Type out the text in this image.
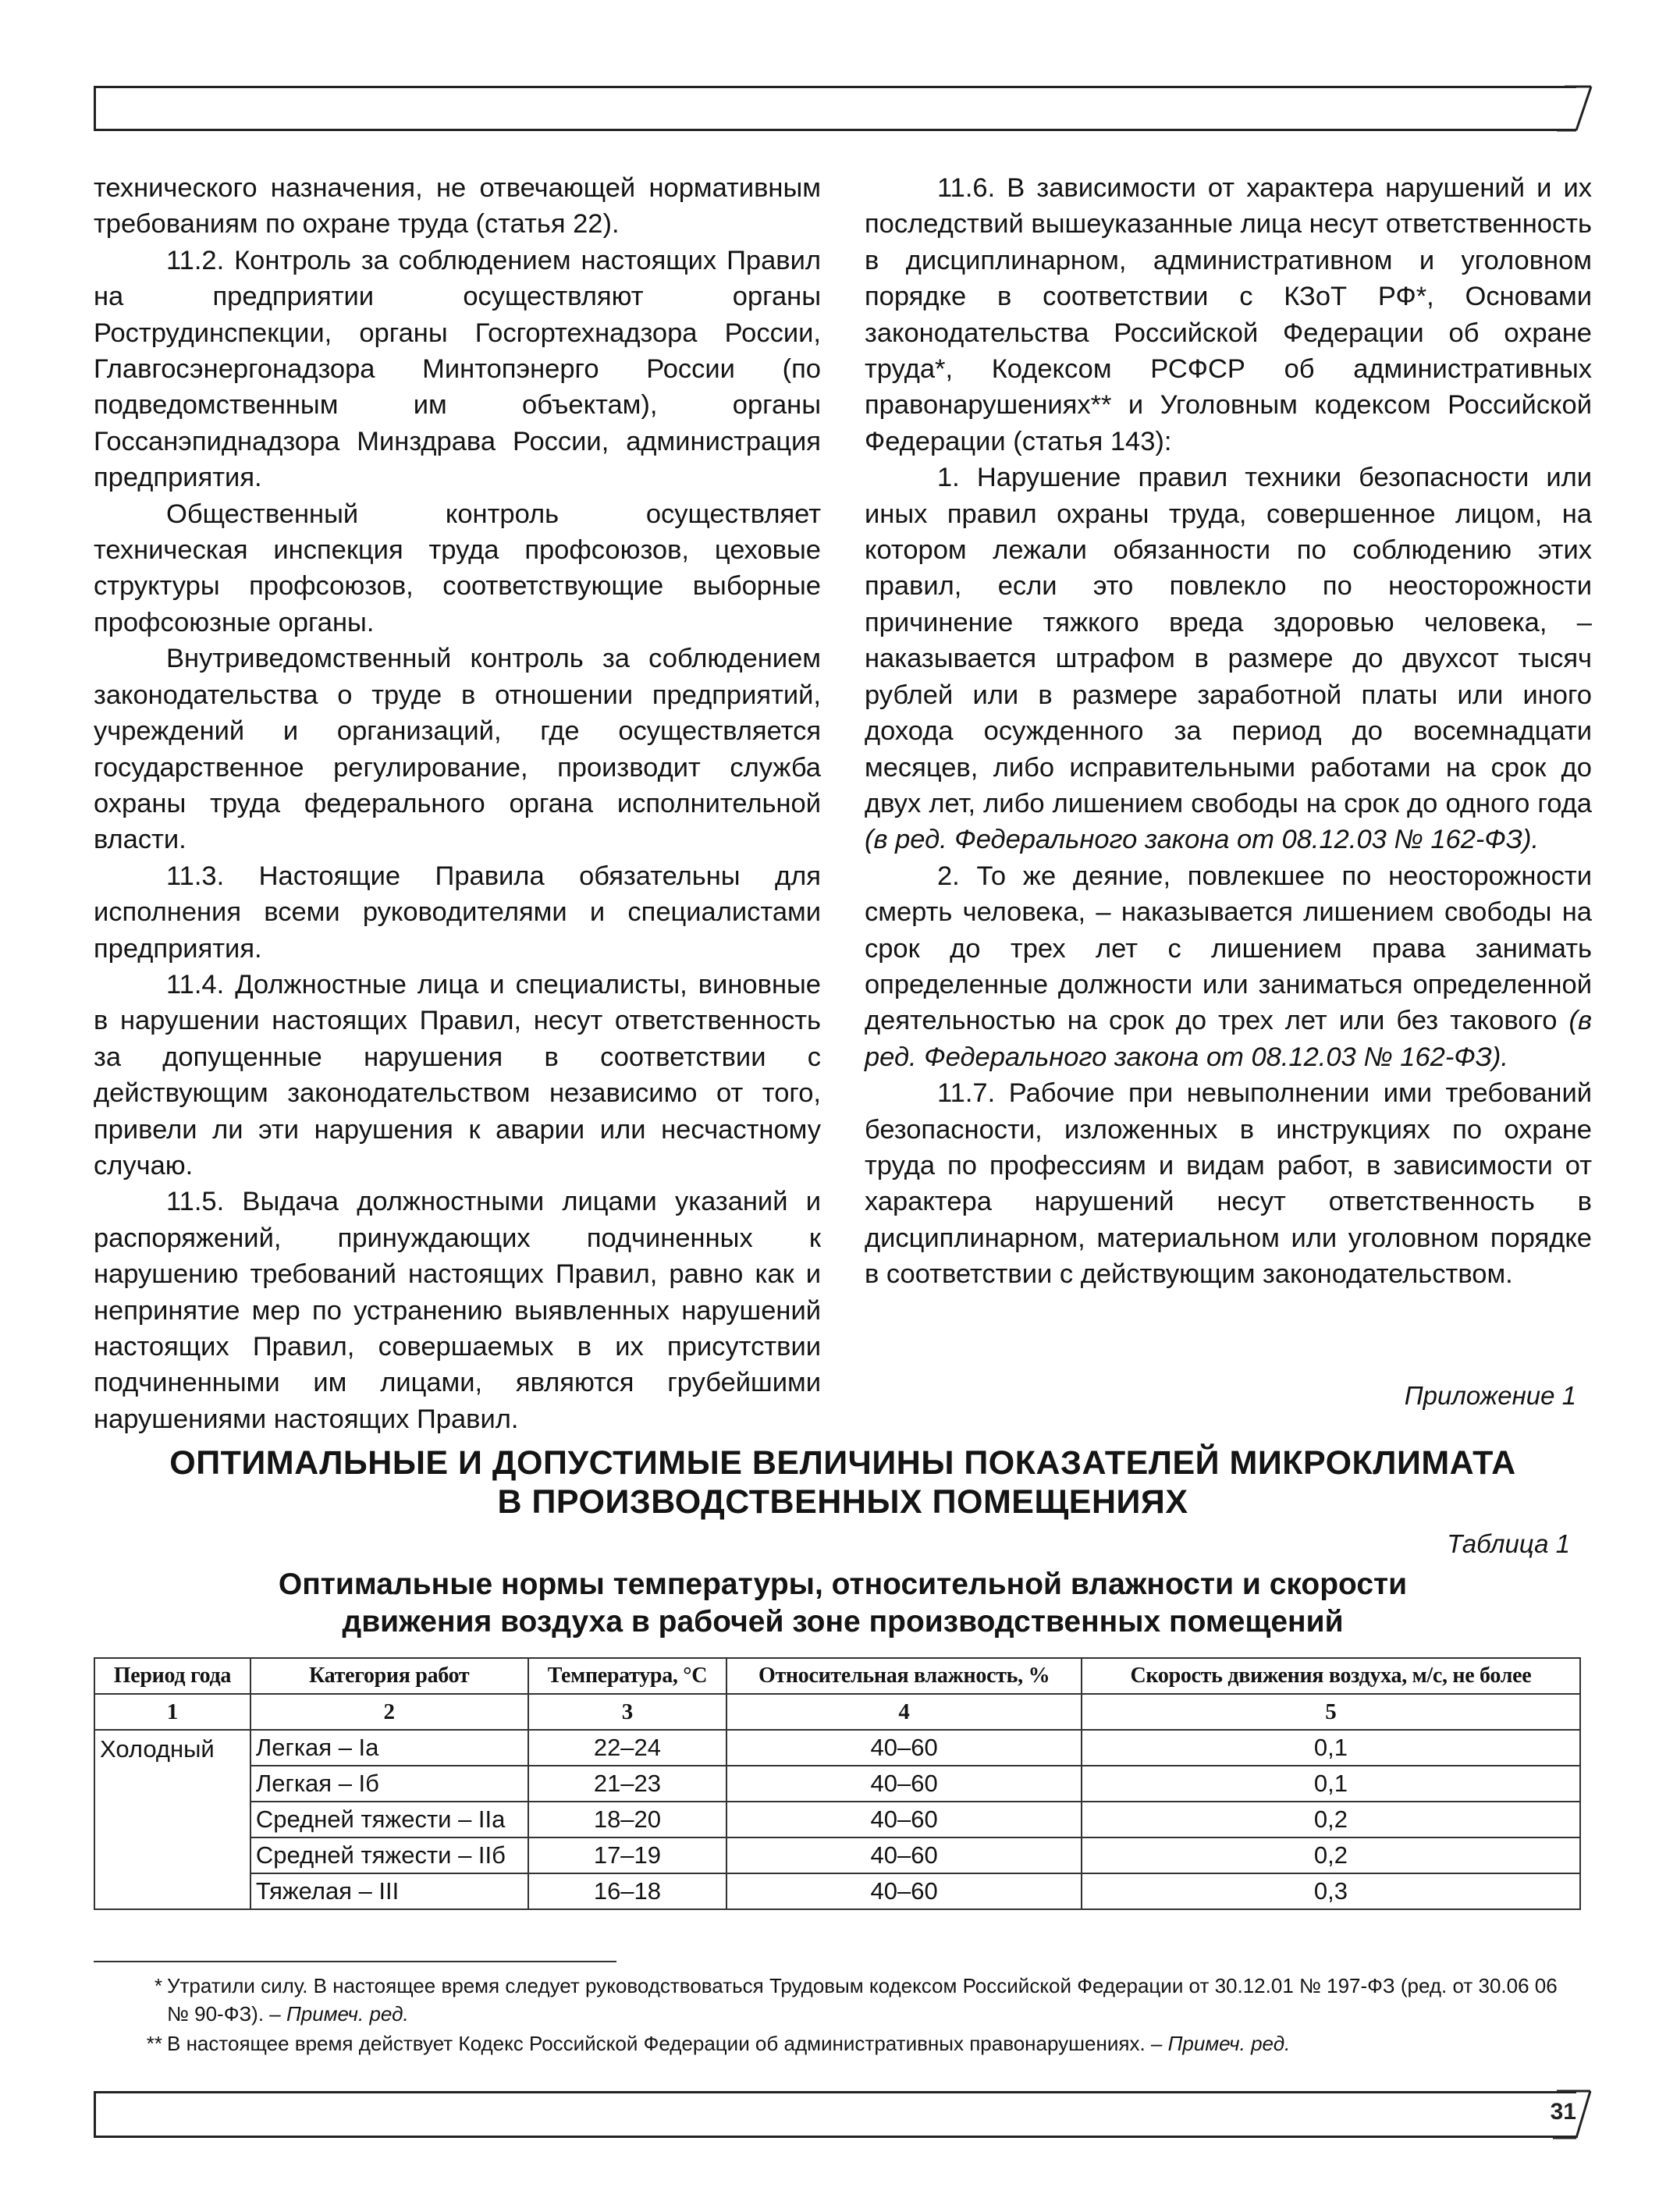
технического назначения, не отвечающей нормативным требованиям по охране труда (статья 22).

11.2. Контроль за соблюдением настоящих Правил на предприятии осуществляют органы Рострудинспекции, органы Госгортехнадзора России, Главгосэнергонадзора Минтопэнерго России (по подведомственным им объектам), органы Госсанэпиднадзора Минздрава России, администрация предприятия.

Общественный контроль осуществляет техническая инспекция труда профсоюзов, цеховые структуры профсоюзов, соответствующие выборные профсоюзные органы.

Внутриведомственный контроль за соблюдением законодательства о труде в отношении предприятий, учреждений и организаций, где осуществляется государственное регулирование, производит служба охраны труда федерального органа исполнительной власти.

11.3. Настоящие Правила обязательны для исполнения всеми руководителями и специалистами предприятия.

11.4. Должностные лица и специалисты, виновные в нарушении настоящих Правил, несут ответственность за допущенные нарушения в соответствии с действующим законодательством независимо от того, привели ли эти нарушения к аварии или несчастному случаю.

11.5. Выдача должностными лицами указаний и распоряжений, принуждающих подчиненных к нарушению требований настоящих Правил, равно как и непринятие мер по устранению выявленных нарушений настоящих Правил, совершаемых в их присутствии подчиненными им лицами, являются грубейшими нарушениями настоящих Правил.

11.6. В зависимости от характера нарушений и их последствий вышеуказанные лица несут ответственность в дисциплинарном, административном и уголовном порядке в соответствии с КЗоТ РФ*, Основами законодательства Российской Федерации об охране труда*, Кодексом РСФСР об административных правонарушениях** и Уголовным кодексом Российской Федерации (статья 143):

1. Нарушение правил техники безопасности или иных правил охраны труда, совершенное лицом, на котором лежали обязанности по соблюдению этих правил, если это повлекло по неосторожности причинение тяжкого вреда здоровью человека, – наказывается штрафом в размере до двухсот тысяч рублей или в размере заработной платы или иного дохода осужденного за период до восемнадцати месяцев, либо исправительными работами на срок до двух лет, либо лишением свободы на срок до одного года (в ред. Федерального закона от 08.12.03 № 162-ФЗ).

2. То же деяние, повлекшее по неосторожности смерть человека, – наказывается лишением свободы на срок до трех лет с лишением права занимать определенные должности или заниматься определенной деятельностью на срок до трех лет или без такового (в ред. Федерального закона от 08.12.03 № 162-ФЗ).

11.7. Рабочие при невыполнении ими требований безопасности, изложенных в инструкциях по охране труда по профессиям и видам работ, в зависимости от характера нарушений несут ответственность в дисциплинарном, материальном или уголовном порядке в соответствии с действующим законодательством.

Приложение 1

ОПТИМАЛЬНЫЕ И ДОПУСТИМЫЕ ВЕЛИЧИНЫ ПОКАЗАТЕЛЕЙ МИКРОКЛИМАТА
В ПРОИЗВОДСТВЕННЫХ ПОМЕЩЕНИЯХ

Таблица 1

Оптимальные нормы температуры, относительной влажности и скорости
движения воздуха в рабочей зоне производственных помещений
Период года	Категория работ	Температура, °С	Относительная влажность, %	Скорость движения воздуха, м/с, не более
1	2	3	4	5
Холодный	Легкая – Iа	22–24	40–60	0,1
	Легкая – Iб	21–23	40–60	0,1
	Средней тяжести – IIа	18–20	40–60	0,2
	Средней тяжести – IIб	17–19	40–60	0,2
	Тяжелая – III	16–18	40–60	0,3

* Утратили силу. В настоящее время следует руководствоваться Трудовым кодексом Российской Федерации от 30.12.01 № 197-ФЗ (ред. от 30.06 06 № 90-ФЗ). – Примеч. ред.

** В настоящее время действует Кодекс Российской Федерации об административных правонарушениях. – Примеч. ред.

31
